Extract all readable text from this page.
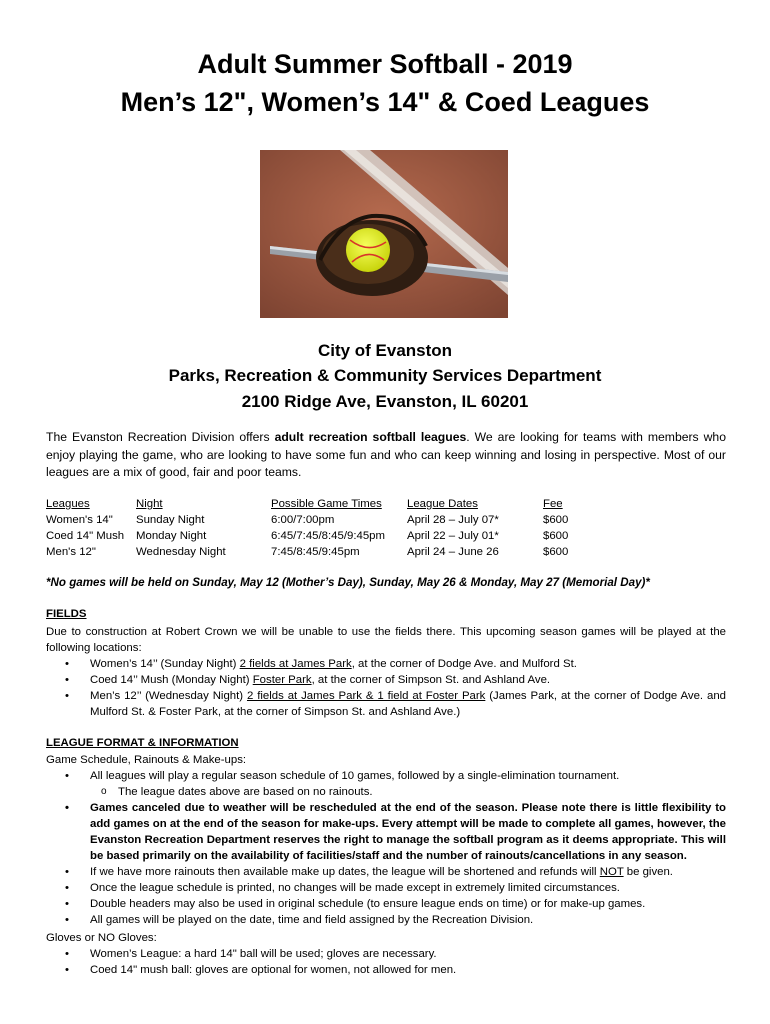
Adult Summer Softball - 2019
Men’s 12", Women’s 14" & Coed Leagues
City of Evanston
Parks, Recreation & Community Services Department
2100 Ridge Ave, Evanston, IL 60201
The Evanston Recreation Division offers adult recreation softball leagues. We are looking for teams with members who enjoy playing the game, who are looking to have some fun and who can keep winning and losing in perspective. Most of our leagues are a mix of good, fair and poor teams.
Leagues	Night	Possible Game Times	League Dates	Fee
Women's 14"	Sunday Night	6:00/7:00pm	April 28 – July 07*	$600
Coed 14" Mush	Monday Night	6:45/7:45/8:45/9:45pm	April 22 – July 01*	$600
Men's 12"	Wednesday Night	7:45/8:45/9:45pm	April 24 – June 26	$600
*No games will be held on Sunday, May 12 (Mother’s Day), Sunday, May 26 & Monday, May 27 (Memorial Day)*
FIELDS
Due to construction at Robert Crown we will be unable to use the fields there. This upcoming season games will be played at the following locations:
• Women’s 14’’ (Sunday Night) 2 fields at James Park, at the corner of Dodge Ave. and Mulford St.
• Coed 14’’ Mush (Monday Night) Foster Park, at the corner of Simpson St. and Ashland Ave.
• Men’s 12’’ (Wednesday Night) 2 fields at James Park & 1 field at Foster Park (James Park, at the corner of Dodge Ave. and Mulford St. & Foster Park, at the corner of Simpson St. and Ashland Ave.)
LEAGUE FORMAT & INFORMATION
Game Schedule, Rainouts & Make-ups:
• All leagues will play a regular season schedule of 10 games, followed by a single-elimination tournament.
o The league dates above are based on no rainouts.
• Games canceled due to weather will be rescheduled at the end of the season. Please note there is little flexibility to add games on at the end of the season for make-ups. Every attempt will be made to complete all games, however, the Evanston Recreation Department reserves the right to manage the softball program as it deems appropriate. This will be based primarily on the availability of facilities/staff and the number of rainouts/cancellations in any season.
• If we have more rainouts then available make up dates, the league will be shortened and refunds will NOT be given.
• Once the league schedule is printed, no changes will be made except in extremely limited circumstances.
• Double headers may also be used in original schedule (to ensure league ends on time) or for make-up games.
• All games will be played on the date, time and field assigned by the Recreation Division.
Gloves or NO Gloves:
• Women’s League: a hard 14" ball will be used; gloves are necessary.
• Coed 14" mush ball: gloves are optional for women, not allowed for men.
